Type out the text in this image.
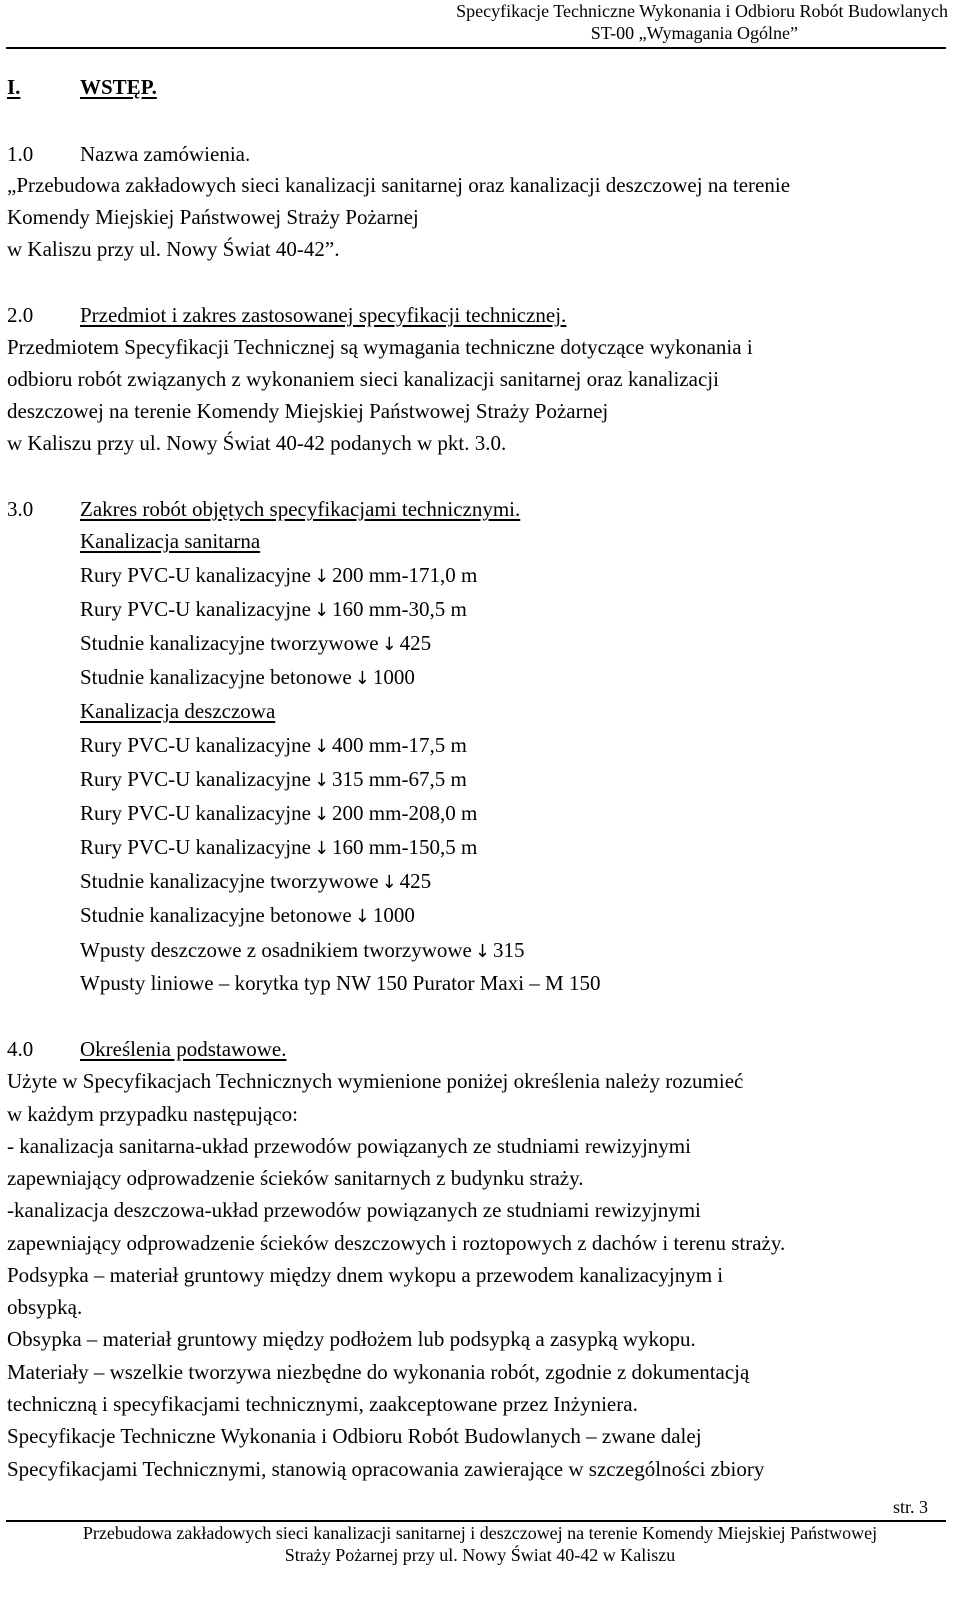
Specyfikacje Techniczne Wykonania i Odbioru Robót Budowlanych
ST-00 „Wymagania Ogólne”
I.	WSTĘP.
1.0 Nazwa zamówienia.
„Przebudowa zakładowych sieci kanalizacji sanitarnej oraz kanalizacji deszczowej na terenie
Komendy Miejskiej Państwowej Straży Pożarnej
w Kaliszu przy ul. Nowy Świat 40-42”.
2.0 Przedmiot i zakres zastosowanej specyfikacji technicznej.
Przedmiotem Specyfikacji Technicznej są wymagania techniczne dotyczące wykonania i
odbioru robót związanych z wykonaniem sieci kanalizacji sanitarnej oraz kanalizacji
deszczowej na terenie Komendy Miejskiej Państwowej Straży Pożarnej
w Kaliszu przy ul. Nowy Świat 40-42 podanych w pkt. 3.0.
3.0 Zakres robót objętych specyfikacjami technicznymi.
Kanalizacja sanitarna
Rury PVC-U kanalizacyjne ↓ 200 mm-171,0 m
Rury PVC-U kanalizacyjne ↓ 160 mm-30,5 m
Studnie kanalizacyjne tworzywowe ↓ 425
Studnie kanalizacyjne betonowe ↓ 1000
Kanalizacja deszczowa
Rury PVC-U kanalizacyjne ↓ 400 mm-17,5 m
Rury PVC-U kanalizacyjne ↓ 315 mm-67,5 m
Rury PVC-U kanalizacyjne ↓ 200 mm-208,0 m
Rury PVC-U kanalizacyjne ↓ 160 mm-150,5 m
Studnie kanalizacyjne tworzywowe ↓ 425
Studnie kanalizacyjne betonowe ↓ 1000
Wpusty deszczowe z osadnikiem tworzywowe ↓ 315
Wpusty liniowe – korytka typ NW 150 Purator Maxi – M 150
4.0 Określenia podstawowe.
Użyte w Specyfikacjach Technicznych wymienione poniżej określenia należy rozumieć
w każdym przypadku następująco:
- kanalizacja sanitarna-układ przewodów powiązanych ze studniami rewizyjnymi
zapewniający odprowadzenie ścieków sanitarnych z budynku straży.
-kanalizacja deszczowa-układ przewodów powiązanych ze studniami rewizyjnymi
zapewniający odprowadzenie ścieków deszczowych i roztopowych z dachów i terenu straży.
Podsypka – materiał gruntowy między dnem wykopu a przewodem kanalizacyjnym i
obsypką.
Obsypka – materiał gruntowy między podłożem lub podsypką a zasypką wykopu.
Materiały – wszelkie tworzywa niezbędne do wykonania robót, zgodnie z dokumentacją
techniczną i specyfikacjami technicznymi, zaakceptowane przez Inżyniera.
Specyfikacje Techniczne Wykonania i Odbioru Robót Budowlanych – zwane dalej
Specyfikacjami Technicznymi, stanowią opracowania zawierające w szczególności zbiory
str. 3
Przebudowa zakładowych sieci kanalizacji sanitarnej i deszczowej na terenie Komendy Miejskiej Państwowej
Straży Pożarnej przy ul. Nowy Świat 40-42 w Kaliszu
